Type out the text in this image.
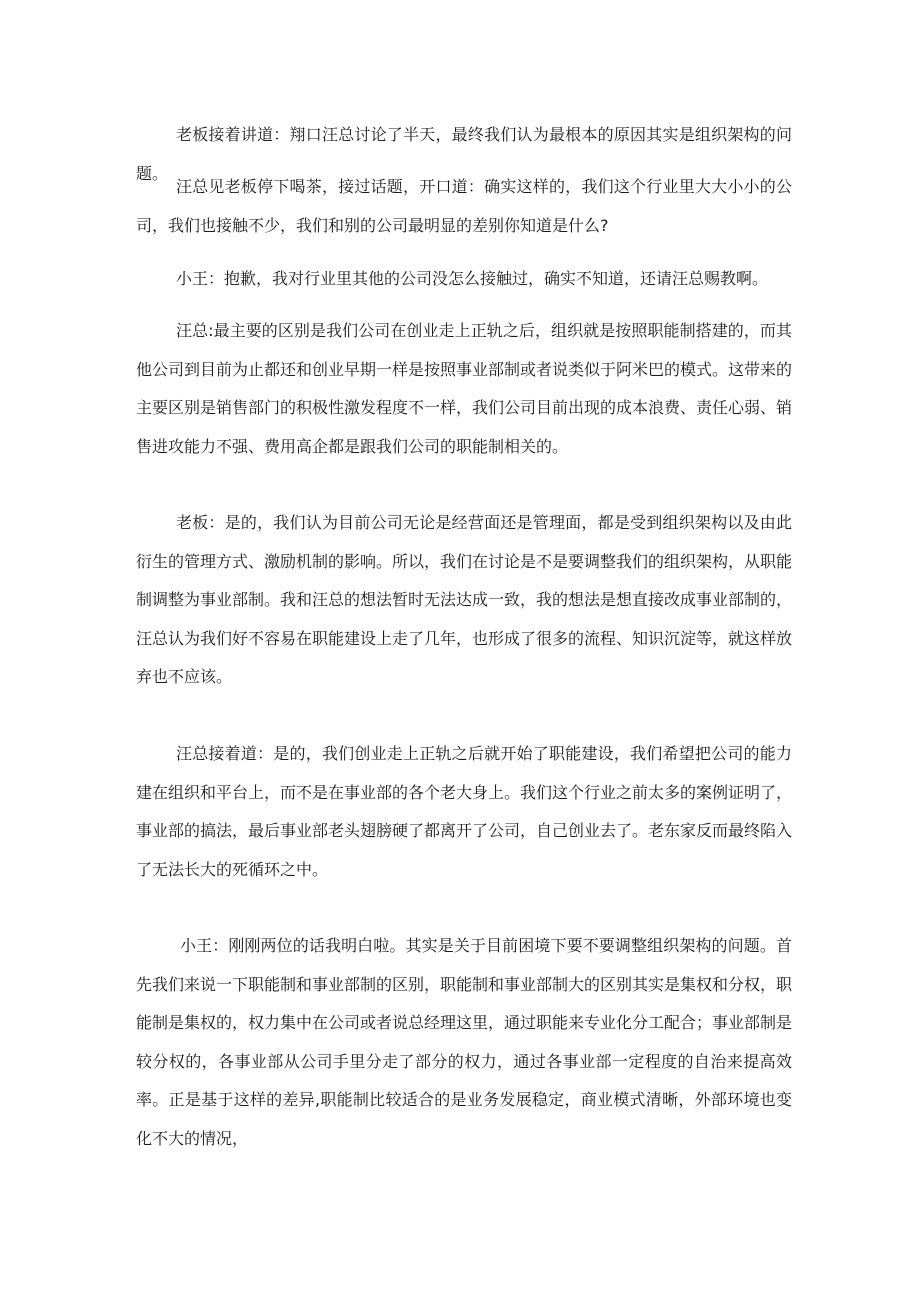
老板接着讲道：翔口汪总讨论了半天，最终我们认为最根本的原因其实是组织架构的问题。

汪总见老板停下喝茶，接过话题，开口道：确实这样的，我们这个行业里大大小小的公司，我们也接触不少，我们和别的公司最明显的差别你知道是什么?

小王：抱歉，我对行业里其他的公司没怎么接触过，确实不知道，还请汪总赐教啊。

汪总:最主要的区别是我们公司在创业走上正轨之后，组织就是按照职能制搭建的，而其他公司到目前为止都还和创业早期一样是按照事业部制或者说类似于阿米巴的模式。这带来的主要区别是销售部门的积极性激发程度不一样，我们公司目前出现的成本浪费、责任心弱、销售进攻能力不强、费用高企都是跟我们公司的职能制相关的。

老板：是的，我们认为目前公司无论是经营面还是管理面，都是受到组织架构以及由此衍生的管理方式、激励机制的影响。所以，我们在讨论是不是要调整我们的组织架构，从职能制调整为事业部制。我和汪总的想法暂时无法达成一致，我的想法是想直接改成事业部制的，汪总认为我们好不容易在职能建设上走了几年，也形成了很多的流程、知识沉淀等，就这样放弃也不应该。

汪总接着道：是的，我们创业走上正轨之后就开始了职能建设，我们希望把公司的能力建在组织和平台上，而不是在事业部的各个老大身上。我们这个行业之前太多的案例证明了，事业部的搞法，最后事业部老头翅膀硬了都离开了公司，自己创业去了。老东家反而最终陷入了无法长大的死循环之中。

小王：刚刚两位的话我明白啦。其实是关于目前困境下要不要调整组织架构的问题。首先我们来说一下职能制和事业部制的区别，职能制和事业部制大的区别其实是集权和分权，职能制是集权的，权力集中在公司或者说总经理这里，通过职能来专业化分工配合；事业部制是较分权的，各事业部从公司手里分走了部分的权力，通过各事业部一定程度的自治来提高效率。正是基于这样的差异,职能制比较适合的是业务发展稳定，商业模式清晰，外部环境也变化不大的情况，
